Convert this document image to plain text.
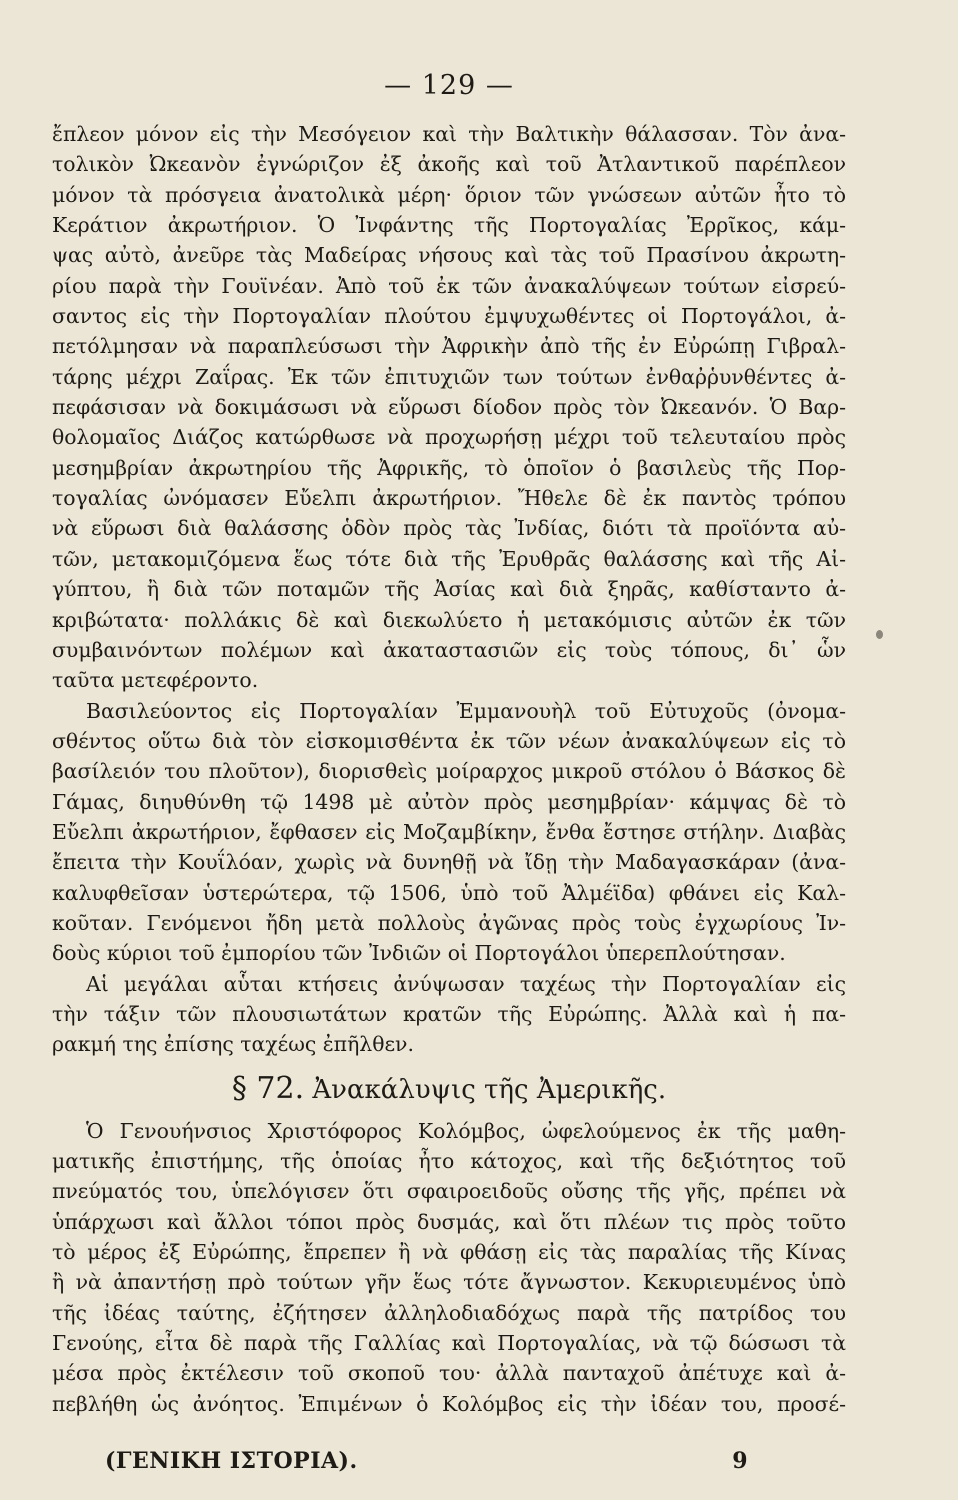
— 129 —
ἔπλεον μόνον εἰς τὴν Μεσόγειον καὶ τὴν Βαλτικὴν θάλασσαν. Τὸν ἀνα-
τολικὸν Ὠκεανὸν ἐγνώριζον ἐξ ἀκοῆς καὶ τοῦ Ἀτλαντικοῦ παρέπλεον
μόνον τὰ πρόσγεια ἀνατολικὰ μέρη· ὅριον τῶν γνώσεων αὐτῶν ἦτο τὸ
Κεράτιον ἀκρωτήριον. Ὁ Ἰνφάντης τῆς Πορτογαλίας Ἐρρῖκος, κάμ-
ψας αὐτὸ, ἀνεῦρε τὰς Μαδείρας νήσους καὶ τὰς τοῦ Πρασίνου ἀκρωτη-
ρίου παρὰ τὴν Γουϊνέαν. Ἀπὸ τοῦ ἐκ τῶν ἀνακαλύψεων τούτων εἰσρεύ-
σαντος εἰς τὴν Πορτογαλίαν πλούτου ἐμψυχωθέντες οἱ Πορτογάλοι, ἀ-
πετόλμησαν νὰ παραπλεύσωσι τὴν Ἀφρικὴν ἀπὸ τῆς ἐν Εὐρώπῃ Γιβραλ-
τάρης μέχρι Ζαΐρας. Ἐκ τῶν ἐπιτυχιῶν των τούτων ἐνθαῤῥυνθέντες ἀ-
πεφάσισαν νὰ δοκιμάσωσι νὰ εὕρωσι δίοδον πρὸς τὸν Ὠκεανόν. Ὁ Βαρ-
θολομαῖος Διάζος κατώρθωσε νὰ προχωρήσῃ μέχρι τοῦ τελευταίου πρὸς
μεσημβρίαν ἀκρωτηρίου τῆς Ἀφρικῆς, τὸ ὁποῖον ὁ βασιλεὺς τῆς Πορ-
τογαλίας ὠνόμασεν Εὔελπι ἀκρωτήριον. Ἤθελε δὲ ἐκ παντὸς τρόπου
νὰ εὕρωσι διὰ θαλάσσης ὁδὸν πρὸς τὰς Ἰνδίας, διότι τὰ προϊόντα αὐ-
τῶν, μετακομιζόμενα ἕως τότε διὰ τῆς Ἐρυθρᾶς θαλάσσης καὶ τῆς Αἰ-
γύπτου, ἢ διὰ τῶν ποταμῶν τῆς Ἀσίας καὶ διὰ ξηρᾶς, καθίσταντο ἀ-
κριβώτατα· πολλάκις δὲ καὶ διεκωλύετο ἡ μετακόμισις αὐτῶν ἐκ τῶν
συμβαινόντων πολέμων καὶ ἀκαταστασιῶν εἰς τοὺς τόπους, δι᾽ ὧν
ταῦτα μετεφέροντο.
Βασιλεύοντος εἰς Πορτογαλίαν Ἐμμανουὴλ τοῦ Εὐτυχοῦς (ὀνομα-
σθέντος οὕτω διὰ τὸν εἰσκομισθέντα ἐκ τῶν νέων ἀνακαλύψεων εἰς τὸ
βασίλειόν του πλοῦτον), διορισθεὶς μοίραρχος μικροῦ στόλου ὁ Βάσκος δὲ
Γάμας, διηυθύνθη τῷ 1498 μὲ αὐτὸν πρὸς μεσημβρίαν· κάμψας δὲ τὸ
Εὔελπι ἀκρωτήριον, ἔφθασεν εἰς Μοζαμβίκην, ἔνθα ἔστησε στήλην. Διαβὰς
ἔπειτα τὴν Κουΐλόαν, χωρὶς νὰ δυνηθῇ νὰ ἴδῃ τὴν Μαδαγασκάραν (ἀνα-
καλυφθεῖσαν ὑστερώτερα, τῷ 1506, ὑπὸ τοῦ Ἀλμέϊδα) φθάνει εἰς Καλ-
κοῦταν. Γενόμενοι ἤδη μετὰ πολλοὺς ἀγῶνας πρὸς τοὺς ἐγχωρίους Ἰν-
δοὺς κύριοι τοῦ ἐμπορίου τῶν Ἰνδιῶν οἱ Πορτογάλοι ὑπερεπλούτησαν.
Αἱ μεγάλαι αὗται κτήσεις ἀνύψωσαν ταχέως τὴν Πορτογαλίαν εἰς
τὴν τάξιν τῶν πλουσιωτάτων κρατῶν τῆς Εὐρώπης. Ἀλλὰ καὶ ἡ πα-
ρακμή της ἐπίσης ταχέως ἐπῆλθεν.
§ 72. Ἀνακάλυψις τῆς Ἀμερικῆς.
Ὁ Γενουήνσιος Χριστόφορος Κολόμβος, ὠφελούμενος ἐκ τῆς μαθη-
ματικῆς ἐπιστήμης, τῆς ὁποίας ἦτο κάτοχος, καὶ τῆς δεξιότητος τοῦ
πνεύματός του, ὑπελόγισεν ὅτι σφαιροειδοῦς οὔσης τῆς γῆς, πρέπει νὰ
ὑπάρχωσι καὶ ἄλλοι τόποι πρὸς δυσμάς, καὶ ὅτι πλέων τις πρὸς τοῦτο
τὸ μέρος ἐξ Εὐρώπης, ἔπρεπεν ἢ νὰ φθάσῃ εἰς τὰς παραλίας τῆς Κίνας
ἢ νὰ ἀπαντήσῃ πρὸ τούτων γῆν ἕως τότε ἄγνωστον. Κεκυριευμένος ὑπὸ
τῆς ἰδέας ταύτης, ἐζήτησεν ἀλληλοδιαδόχως παρὰ τῆς πατρίδος του
Γενούης, εἶτα δὲ παρὰ τῆς Γαλλίας καὶ Πορτογαλίας, νὰ τῷ δώσωσι τὰ
μέσα πρὸς ἐκτέλεσιν τοῦ σκοποῦ του· ἀλλὰ πανταχοῦ ἀπέτυχε καὶ ἀ-
πεβλήθη ὡς ἀνόητος. Ἐπιμένων ὁ Κολόμβος εἰς τὴν ἰδέαν του, προσέ-
(ΓΕΝΙΚΗ ΙΣΤΟΡΙΑ).	9
